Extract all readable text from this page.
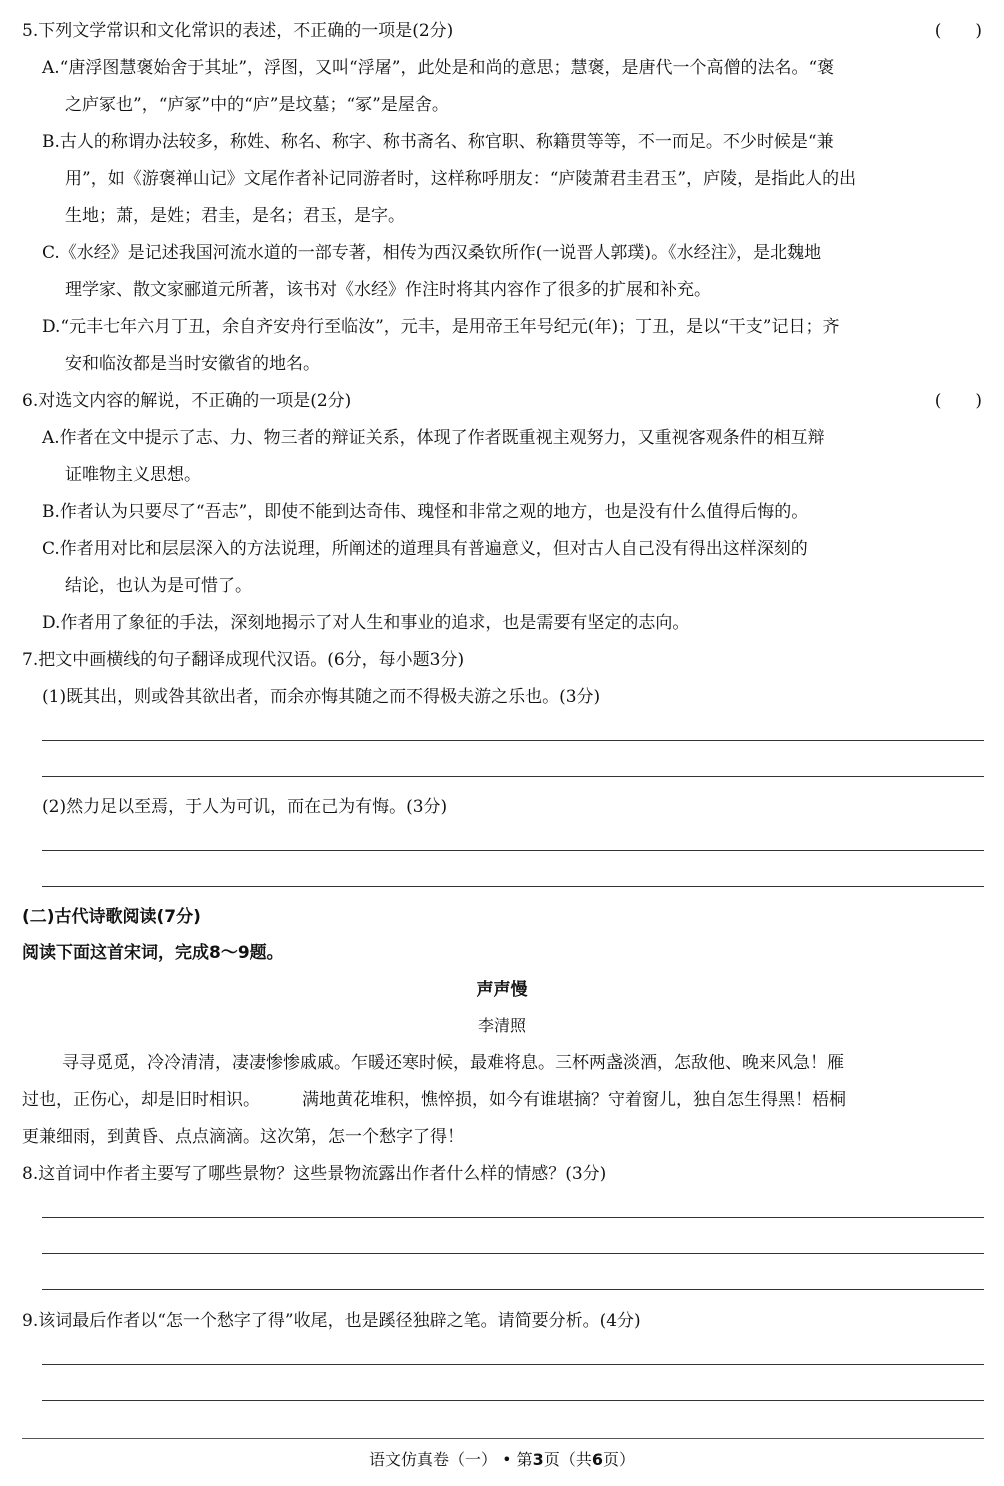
5.下列文学常识和文化常识的表述，不正确的一项是(2分)	(　　)
A.“唐浮图慧褒始舍于其址”，浮图，又叫“浮屠”，此处是和尚的意思；慧褒，是唐代一个高僧的法名。“褒
之庐冢也”，“庐冢”中的“庐”是坟墓；“冢”是屋舍。
B.古人的称谓办法较多，称姓、称名、称字、称书斋名、称官职、称籍贯等等，不一而足。不少时候是“兼
用”，如《游褒禅山记》文尾作者补记同游者时，这样称呼朋友：“庐陵萧君圭君玉”，庐陵，是指此人的出
生地；萧，是姓；君圭，是名；君玉，是字。
C.《水经》是记述我国河流水道的一部专著，相传为西汉桑钦所作(一说晋人郭璞)。《水经注》，是北魏地
理学家、散文家郦道元所著，该书对《水经》作注时将其内容作了很多的扩展和补充。
D.“元丰七年六月丁丑，余自齐安舟行至临汝”，元丰，是用帝王年号纪元(年)；丁丑，是以“干支”记日；齐
安和临汝都是当时安徽省的地名。
6.对选文内容的解说，不正确的一项是(2分)	(　　)
A.作者在文中提示了志、力、物三者的辩证关系，体现了作者既重视主观努力，又重视客观条件的相互辩
证唯物主义思想。
B.作者认为只要尽了“吾志”，即使不能到达奇伟、瑰怪和非常之观的地方，也是没有什么值得后悔的。
C.作者用对比和层层深入的方法说理，所阐述的道理具有普遍意义，但对古人自己没有得出这样深刻的
结论，也认为是可惜了。
D.作者用了象征的手法，深刻地揭示了对人生和事业的追求，也是需要有坚定的志向。
7.把文中画横线的句子翻译成现代汉语。(6分，每小题3分)
(1)既其出，则或咎其欲出者，而余亦悔其随之而不得极夫游之乐也。(3分)
(2)然力足以至焉，于人为可讥，而在己为有悔。(3分)
(二)古代诗歌阅读(7分)
阅读下面这首宋词，完成8～9题。
声声慢
李清照
寻寻觅觅，冷冷清清，凄凄惨惨戚戚。乍暖还寒时候，最难将息。三杯两盏淡酒，怎敌他、晚来风急！雁
过也，正伤心，却是旧时相识。 满地黄花堆积，憔悴损，如今有谁堪摘？守着窗儿，独自怎生得黑！梧桐
更兼细雨，到黄昏、点点滴滴。这次第，怎一个愁字了得！
8.这首词中作者主要写了哪些景物？这些景物流露出作者什么样的情感？(3分)
9.该词最后作者以“怎一个愁字了得”收尾，也是蹊径独辟之笔。请简要分析。(4分)
语文仿真卷（一） • 第3页（共6页）
